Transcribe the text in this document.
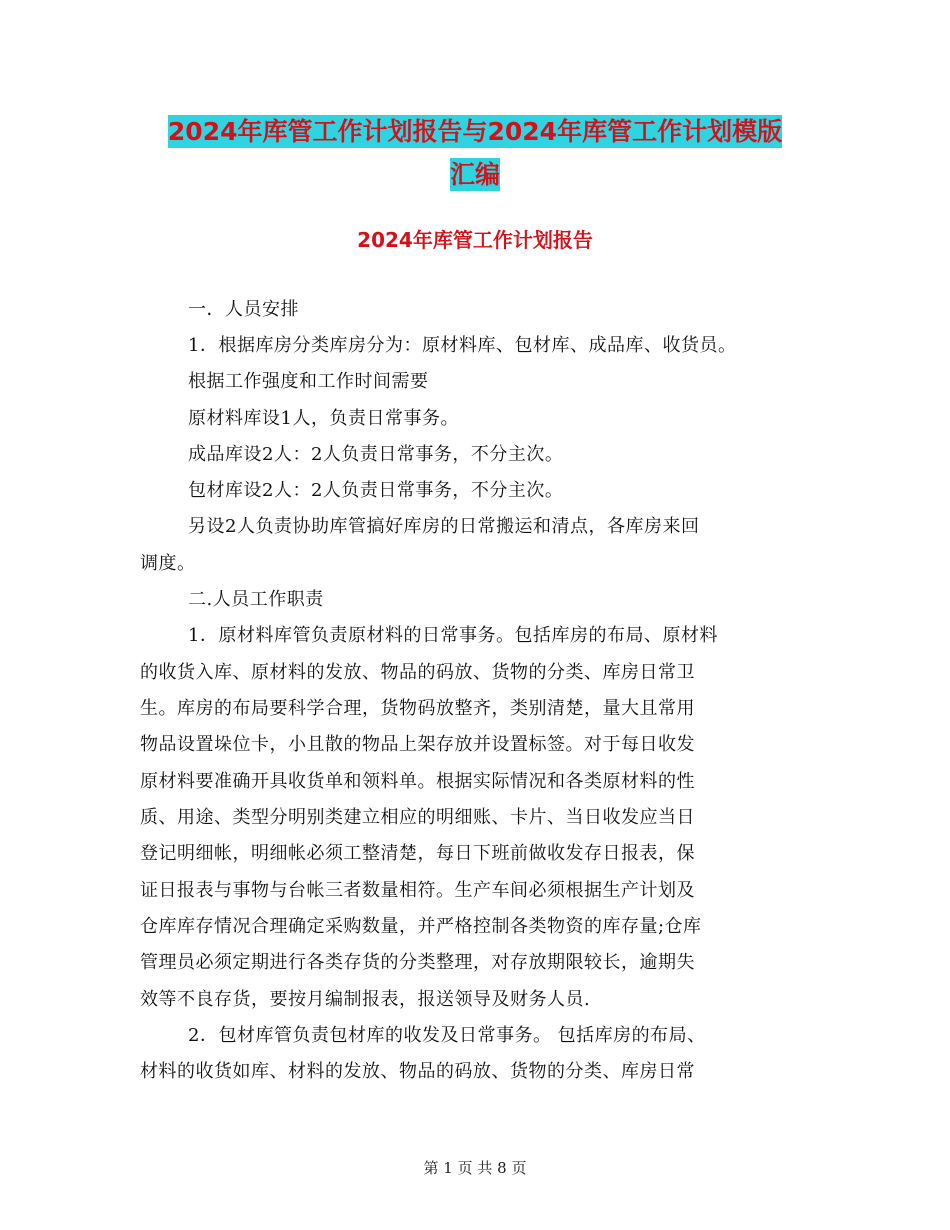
2024年库管工作计划报告与2024年库管工作计划模版
汇编
2024年库管工作计划报告
一．人员安排
1．根据库房分类库房分为：原材料库、包材库、成品库、收货员。
根据工作强度和工作时间需要
原材料库设1人，负责日常事务。
成品库设2人：2人负责日常事务，不分主次。
包材库设2人：2人负责日常事务，不分主次。
另设2人负责协助库管搞好库房的日常搬运和清点，各库房来回
调度。
二.人员工作职责
1．原材料库管负责原材料的日常事务。包括库房的布局、原材料
的收货入库、原材料的发放、物品的码放、货物的分类、库房日常卫
生。库房的布局要科学合理，货物码放整齐，类别清楚，量大且常用
物品设置垛位卡，小且散的物品上架存放并设置标签。对于每日收发
原材料要准确开具收货单和领料单。根据实际情况和各类原材料的性
质、用途、类型分明别类建立相应的明细账、卡片、当日收发应当日
登记明细帐，明细帐必须工整清楚，每日下班前做收发存日报表，保
证日报表与事物与台帐三者数量相符。生产车间必须根据生产计划及
仓库库存情况合理确定采购数量，并严格控制各类物资的库存量;仓库
管理员必须定期进行各类存货的分类整理，对存放期限较长，逾期失
效等不良存货，要按月编制报表，报送领导及财务人员.
2．包材库管负责包材库的收发及日常事务。 包括库房的布局、
材料的收货如库、材料的发放、物品的码放、货物的分类、库房日常
第 1 页 共 8 页
